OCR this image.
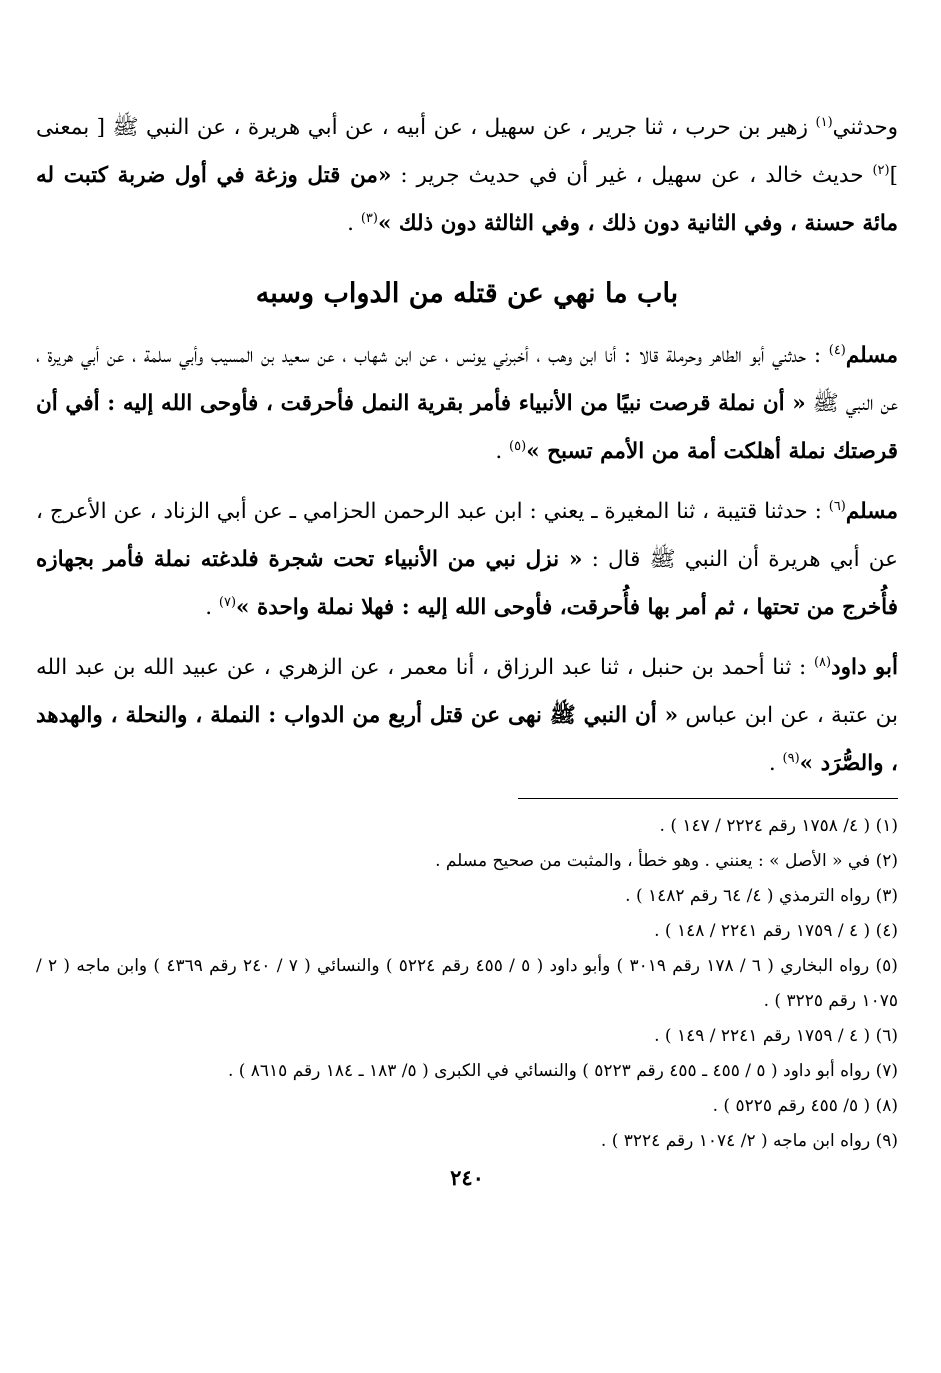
وحدثني$^{(١)}$ زهير بن حرب ، ثنا جرير ، عن سهيل ، عن أبيه ، عن أبي هريرة ، عن النبي ﷺ [ بمعنى ]$^{(٢)}$ حديث خالد ، عن سهيل ، غير أن في حديث جرير : «من قتل وزغة في أول ضربة كتبت له مائة حسنة ، وفي الثانية دون ذلك ، وفي الثالثة دون ذلك »$^{(٣)}$ .

باب ما نهي عن قتله من الدواب وسبه

مسلم$^{(٤)}$ : حدثني أبو الطاهر وحرملة قالا : أنا ابن وهب ، أخبرني يونس ، عن ابن شهاب ، عن سعيد بن المسيب وأبي سلمة ، عن أبي هريرة ، عن النبي ﷺ « أن نملة قرصت نبيًا من الأنبياء فأمر بقرية النمل فأحرقت ، فأوحى الله إليه : أفي أن قرصتك نملة أهلكت أمة من الأمم تسبح »$^{(٥)}$ .

مسلم$^{(٦)}$ : حدثنا قتيبة ، ثنا المغيرة ـ يعني : ابن عبد الرحمن الحزامي ـ عن أبي الزناد ، عن الأعرج ، عن أبي هريرة أن النبي ﷺ قال : « نزل نبي من الأنبياء تحت شجرة فلدغته نملة فأمر بجهازه فأُخرج من تحتها ، ثم أمر بها فأُحرقت، فأوحى الله إليه : فهلا نملة واحدة »$^{(٧)}$ .

أبو داود$^{(٨)}$ : ثنا أحمد بن حنبل ، ثنا عبد الرزاق ، أنا معمر ، عن الزهري ، عن عبيد الله بن عبد الله بن عتبة ، عن ابن عباس « أن النبي ﷺ نهى عن قتل أربع من الدواب : النملة ، والنحلة ، والهدهد ، والصُّرَد »$^{(٩)}$ .

(١) ( ٤/ ١٧٥٨ رقم ٢٢٢٤ / ١٤٧ ) .

(٢) في « الأصل » : يعنني . وهو خطأ ، والمثبت من صحيح مسلم .

(٣) رواه الترمذي ( ٤/ ٦٤ رقم ١٤٨٢ ) .

(٤) ( ٤ / ١٧٥٩ رقم ٢٢٤١ / ١٤٨ ) .

(٥) رواه البخاري ( ٦ / ١٧٨ رقم ٣٠١٩ ) وأبو داود ( ٥ / ٤٥٥ رقم ٥٢٢٤ ) والنسائي ( ٧ / ٢٤٠ رقم ٤٣٦٩ ) وابن ماجه ( ٢ / ١٠٧٥ رقم ٣٢٢٥ ) .

(٦) ( ٤ / ١٧٥٩ رقم ٢٢٤١ / ١٤٩ ) .

(٧) رواه أبو داود ( ٥ / ٤٥٥ ـ ٤٥٥ رقم ٥٢٢٣ ) والنسائي في الكبرى ( ٥/ ١٨٣ ـ ١٨٤ رقم ٨٦١٥ ) .

(٨) ( ٥/ ٤٥٥ رقم ٥٢٢٥ ) .

(٩) رواه ابن ماجه ( ٢/ ١٠٧٤ رقم ٣٢٢٤ ) .

٢٤٠
